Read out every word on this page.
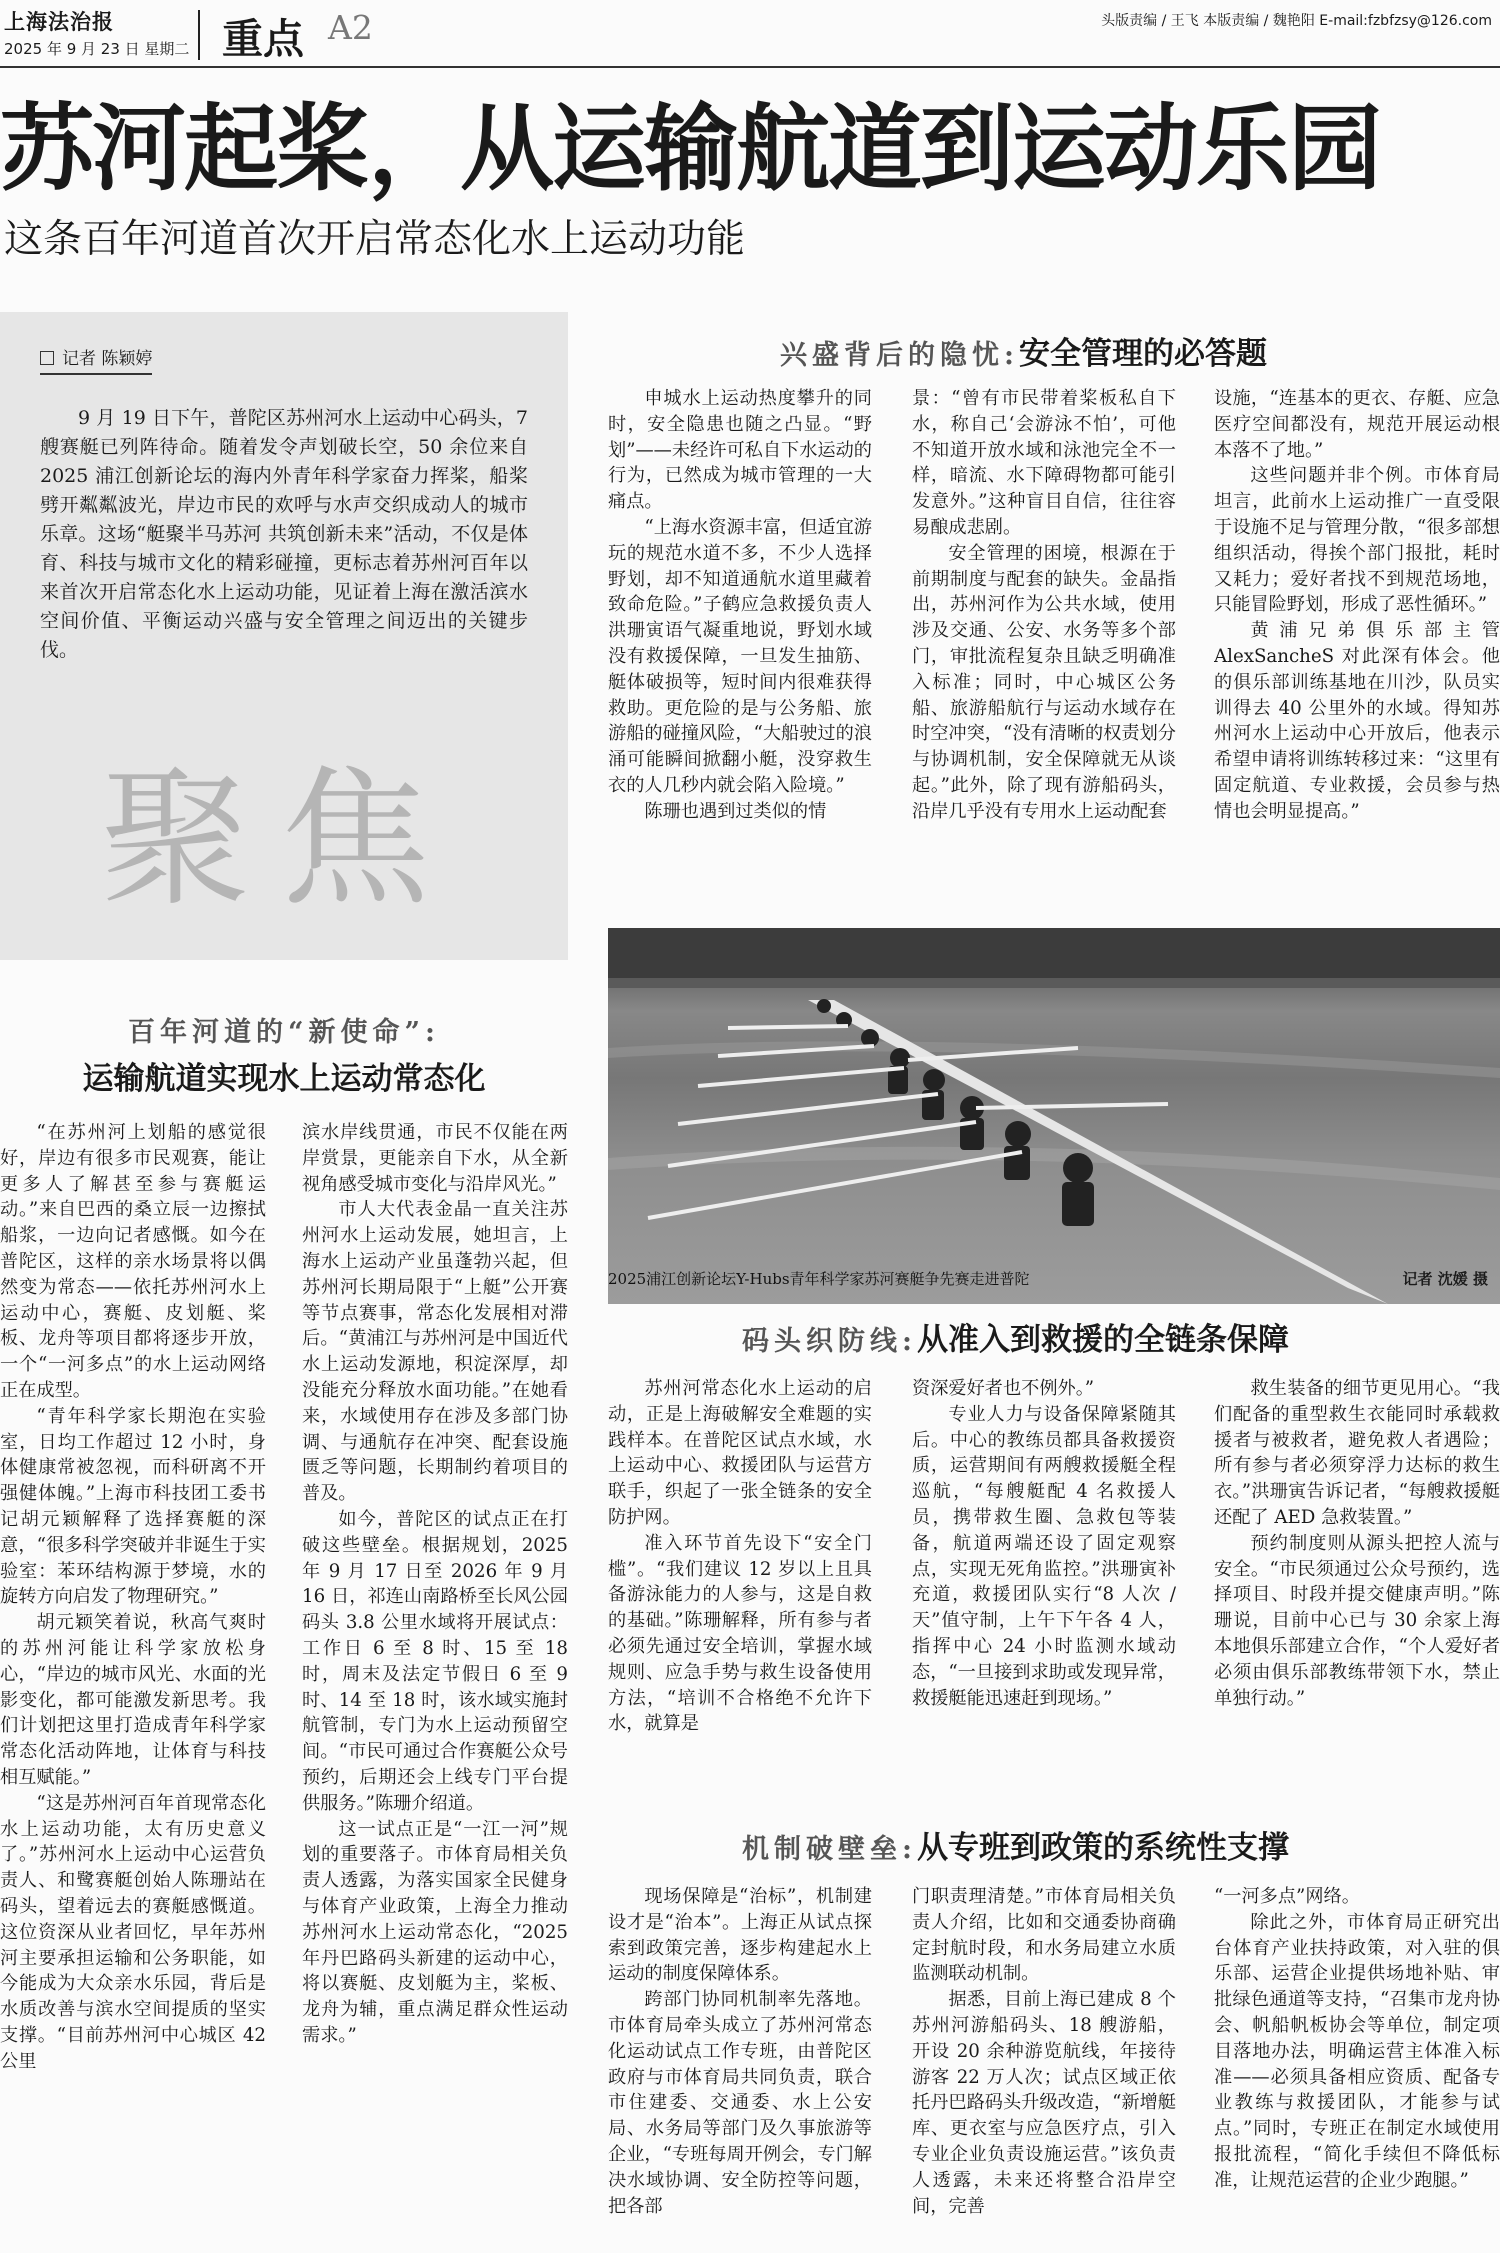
上海法治报
2025 年 9 月 23 日 星期二 重点 A2	头版责编 / 王飞 本版责编 / 魏艳阳 E-mail:fzbfzsy@126.com
苏河起桨，从运输航道到运动乐园
这条百年河道首次开启常态化水上运动功能
记者 陈颖婷

9 月 19 日下午，普陀区苏州河水上运动中心码头，7 艘赛艇已列阵待命。随着发令声划破长空，50 余位来自 2025 浦江创新论坛的海内外青年科学家奋力挥桨，船桨劈开粼粼波光，岸边市民的欢呼与水声交织成动人的城市乐章。这场“艇聚半马苏河 共筑创新未来”活动，不仅是体育、科技与城市文化的精彩碰撞，更标志着苏州河百年以来首次开启常态化水上运动功能，见证着上海在激活滨水空间价值、平衡运动兴盛与安全管理之间迈出的关键步伐。

聚焦
兴盛背后的隐忧:安全管理的必答题

申城水上运动热度攀升的同时，安全隐患也随之凸显。“野划”——未经许可私自下水运动的行为，已然成为城市管理的一大痛点。

“上海水资源丰富，但适宜游玩的规范水道不多，不少人选择野划，却不知道通航水道里藏着致命危险。”子鹤应急救援负责人洪珊寅语气凝重地说，野划水域没有救援保障，一旦发生抽筋、艇体破损等，短时间内很难获得救助。更危险的是与公务船、旅游船的碰撞风险，“大船驶过的浪涌可能瞬间掀翻小艇，没穿救生衣的人几秒内就会陷入险境。”

陈珊也遇到过类似的情

景：“曾有市民带着桨板私自下水，称自己‘会游泳不怕’，可他不知道开放水域和泳池完全不一样，暗流、水下障碍物都可能引发意外。”这种盲目自信，往往容易酿成悲剧。

安全管理的困境，根源在于前期制度与配套的缺失。金晶指出，苏州河作为公共水域，使用涉及交通、公安、水务等多个部门，审批流程复杂且缺乏明确准入标准；同时，中心城区公务船、旅游船航行与运动水域存在时空冲突，“没有清晰的权责划分与协调机制，安全保障就无从谈起。”此外，除了现有游船码头，沿岸几乎没有专用水上运动配套

设施，“连基本的更衣、存艇、应急医疗空间都没有，规范开展运动根本落不了地。”

这些问题并非个例。市体育局坦言，此前水上运动推广一直受限于设施不足与管理分散，“很多部想组织活动，得挨个部门报批，耗时又耗力；爱好者找不到规范场地，只能冒险野划，形成了恶性循环。”

黄浦兄弟俱乐部主管 AlexSancheS 对此深有体会。他的俱乐部训练基地在川沙，队员实训得去 40 公里外的水域。得知苏州河水上运动中心开放后，他表示希望申请将训练转移过来：“这里有固定航道、专业救援，会员参与热情也会明显提高。”

2025浦江创新论坛Y-Hubs青年科学家苏河赛艇争先赛走进普陀	记者 沈媛 摄
百年河道的“新使命”:
运输航道实现水上运动常态化

“在苏州河上划船的感觉很好，岸边有很多市民观赛，能让更多人了解甚至参与赛艇运动。”来自巴西的桑立辰一边擦拭船浆，一边向记者感慨。如今在普陀区，这样的亲水场景将以偶然变为常态——依托苏州河水上运动中心，赛艇、皮划艇、桨板、龙舟等项目都将逐步开放，一个“一河多点”的水上运动网络正在成型。

“青年科学家长期泡在实验室，日均工作超过 12 小时，身体健康常被忽视，而科研离不开强健体魄。”上海市科技团工委书记胡元颖解释了选择赛艇的深意，“很多科学突破并非诞生于实验室：苯环结构源于梦境，水的旋转方向启发了物理研究。”

胡元颖笑着说，秋高气爽时的苏州河能让科学家放松身心，“岸边的城市风光、水面的光影变化，都可能激发新思考。我们计划把这里打造成青年科学家常态化活动阵地，让体育与科技相互赋能。”

“这是苏州河百年首现常态化水上运动功能，太有历史意义了。”苏州河水上运动中心运营负责人、和鹭赛艇创始人陈珊站在码头，望着远去的赛艇感慨道。这位资深从业者回忆，早年苏州河主要承担运输和公务职能，如今能成为大众亲水乐园，背后是水质改善与滨水空间提质的坚实支撑。“目前苏州河中心城区 42 公里

滨水岸线贯通，市民不仅能在两岸赏景，更能亲自下水，从全新视角感受城市变化与沿岸风光。”

市人大代表金晶一直关注苏州河水上运动发展，她坦言，上海水上运动产业虽蓬勃兴起，但苏州河长期局限于“上艇”公开赛等节点赛事，常态化发展相对滞后。“黄浦江与苏州河是中国近代水上运动发源地，积淀深厚，却没能充分释放水面功能。”在她看来，水域使用存在涉及多部门协调、与通航存在冲突、配套设施匮乏等问题，长期制约着项目的普及。

如今，普陀区的试点正在打破这些壁垒。根据规划，2025 年 9 月 17 日至 2026 年 9 月 16 日，祁连山南路桥至长风公园码头 3.8 公里水域将开展试点：工作日 6 至 8 时、15 至 18 时，周末及法定节假日 6 至 9 时、14 至 18 时，该水域实施封航管制，专门为水上运动预留空间。“市民可通过合作赛艇公众号预约，后期还会上线专门平台提供服务。”陈珊介绍道。

这一试点正是“一江一河”规划的重要落子。市体育局相关负责人透露，为落实国家全民健身与体育产业政策，上海全力推动苏州河水上运动常态化，“2025 年丹巴路码头新建的运动中心，将以赛艇、皮划艇为主，桨板、龙舟为辅，重点满足群众性运动需求。”

码头织防线:从准入到救援的全链条保障

苏州河常态化水上运动的启动，正是上海破解安全难题的实践样本。在普陀区试点水域，水上运动中心、救援团队与运营方联手，织起了一张全链条的安全防护网。

准入环节首先设下“安全门槛”。“我们建议 12 岁以上且具备游泳能力的人参与，这是自救的基础。”陈珊解释，所有参与者必须先通过安全培训，掌握水域规则、应急手势与救生设备使用方法，“培训不合格绝不允许下水，就算是

资深爱好者也不例外。”

专业人力与设备保障紧随其后。中心的教练员都具备救援资质，运营期间有两艘救援艇全程巡航，“每艘艇配 4 名救援人员，携带救生圈、急救包等装备，航道两端还设了固定观察点，实现无死角监控。”洪珊寅补充道，救援团队实行“8 人次 / 天”值守制，上午下午各 4 人，指挥中心 24 小时监测水域动态，“一旦接到求助或发现异常，救援艇能迅速赶到现场。”

救生装备的细节更见用心。“我们配备的重型救生衣能同时承载救援者与被救者，避免救人者遇险；所有参与者必须穿浮力达标的救生衣。”洪珊寅告诉记者，“每艘救援艇还配了 AED 急救装置。”

预约制度则从源头把控人流与安全。“市民须通过公众号预约，选择项目、时段并提交健康声明。”陈珊说，目前中心已与 30 余家上海本地俱乐部建立合作，“个人爱好者必须由俱乐部教练带领下水，禁止单独行动。”

机制破壁垒:从专班到政策的系统性支撑

现场保障是“治标”，机制建设才是“治本”。上海正从试点探索到政策完善，逐步构建起水上运动的制度保障体系。

跨部门协同机制率先落地。市体育局牵头成立了苏州河常态化运动试点工作专班，由普陀区政府与市体育局共同负责，联合市住建委、交通委、水上公安局、水务局等部门及久事旅游等企业，“专班每周开例会，专门解决水域协调、安全防控等问题，把各部

门职责理清楚。”市体育局相关负责人介绍，比如和交通委协商确定封航时段，和水务局建立水质监测联动机制。

据悉，目前上海已建成 8 个苏州河游船码头、18 艘游船，开设 20 余种游览航线，年接待游客 22 万人次；试点区域正依托丹巴路码头升级改造，“新增艇库、更衣室与应急医疗点，引入专业企业负责设施运营。”该负责人透露，未来还将整合沿岸空间，完善

“一河多点”网络。

除此之外，市体育局正研究出台体育产业扶持政策，对入驻的俱乐部、运营企业提供场地补贴、审批绿色通道等支持，“召集市龙舟协会、帆船帆板协会等单位，制定项目落地办法，明确运营主体准入标准——必须具备相应资质、配备专业教练与救援团队，才能参与试点。”同时，专班正在制定水域使用报批流程，“简化手续但不降低标准，让规范运营的企业少跑腿。”
